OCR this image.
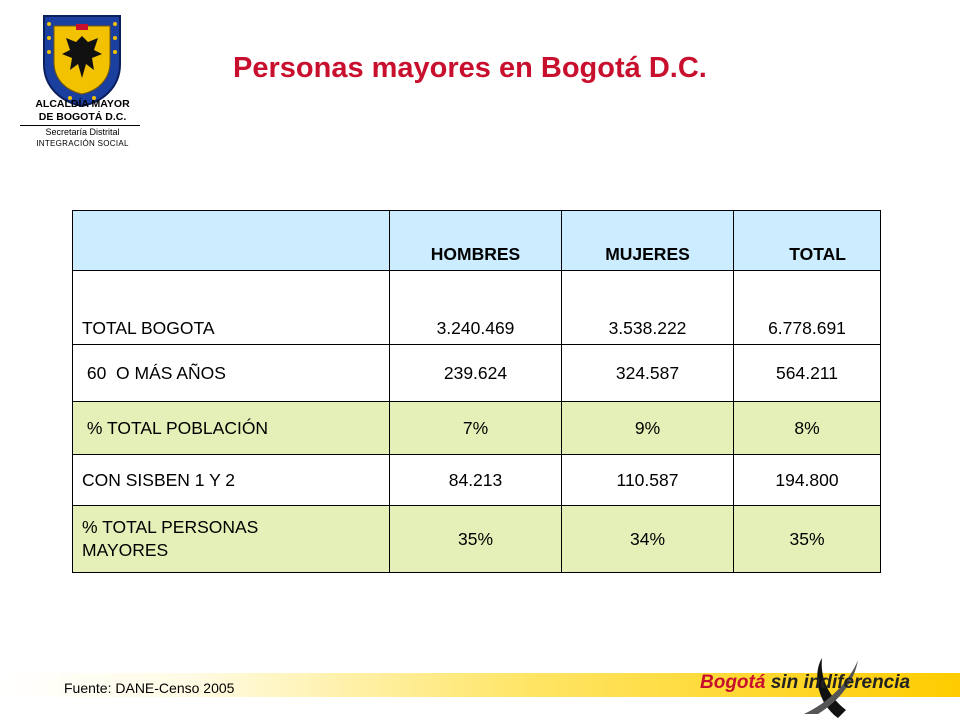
ALCALDÍA MAYOR
DE BOGOTÁ D.C.
Secretaría Distrital
INTEGRACIÓN SOCIAL
Personas mayores en Bogotá D.C.
	HOMBRES	MUJERES	TOTAL
TOTAL BOGOTA	3.240.469	3.538.222	6.778.691
60  O MÁS AÑOS	239.624	324.587	564.211
% TOTAL POBLACIÓN	7%	9%	8%
CON SISBEN 1 Y 2	84.213	110.587	194.800
% TOTAL PERSONAS MAYORES	35%	34%	35%
Fuente: DANE-Censo 2005	Bogotá sin indiferencia
